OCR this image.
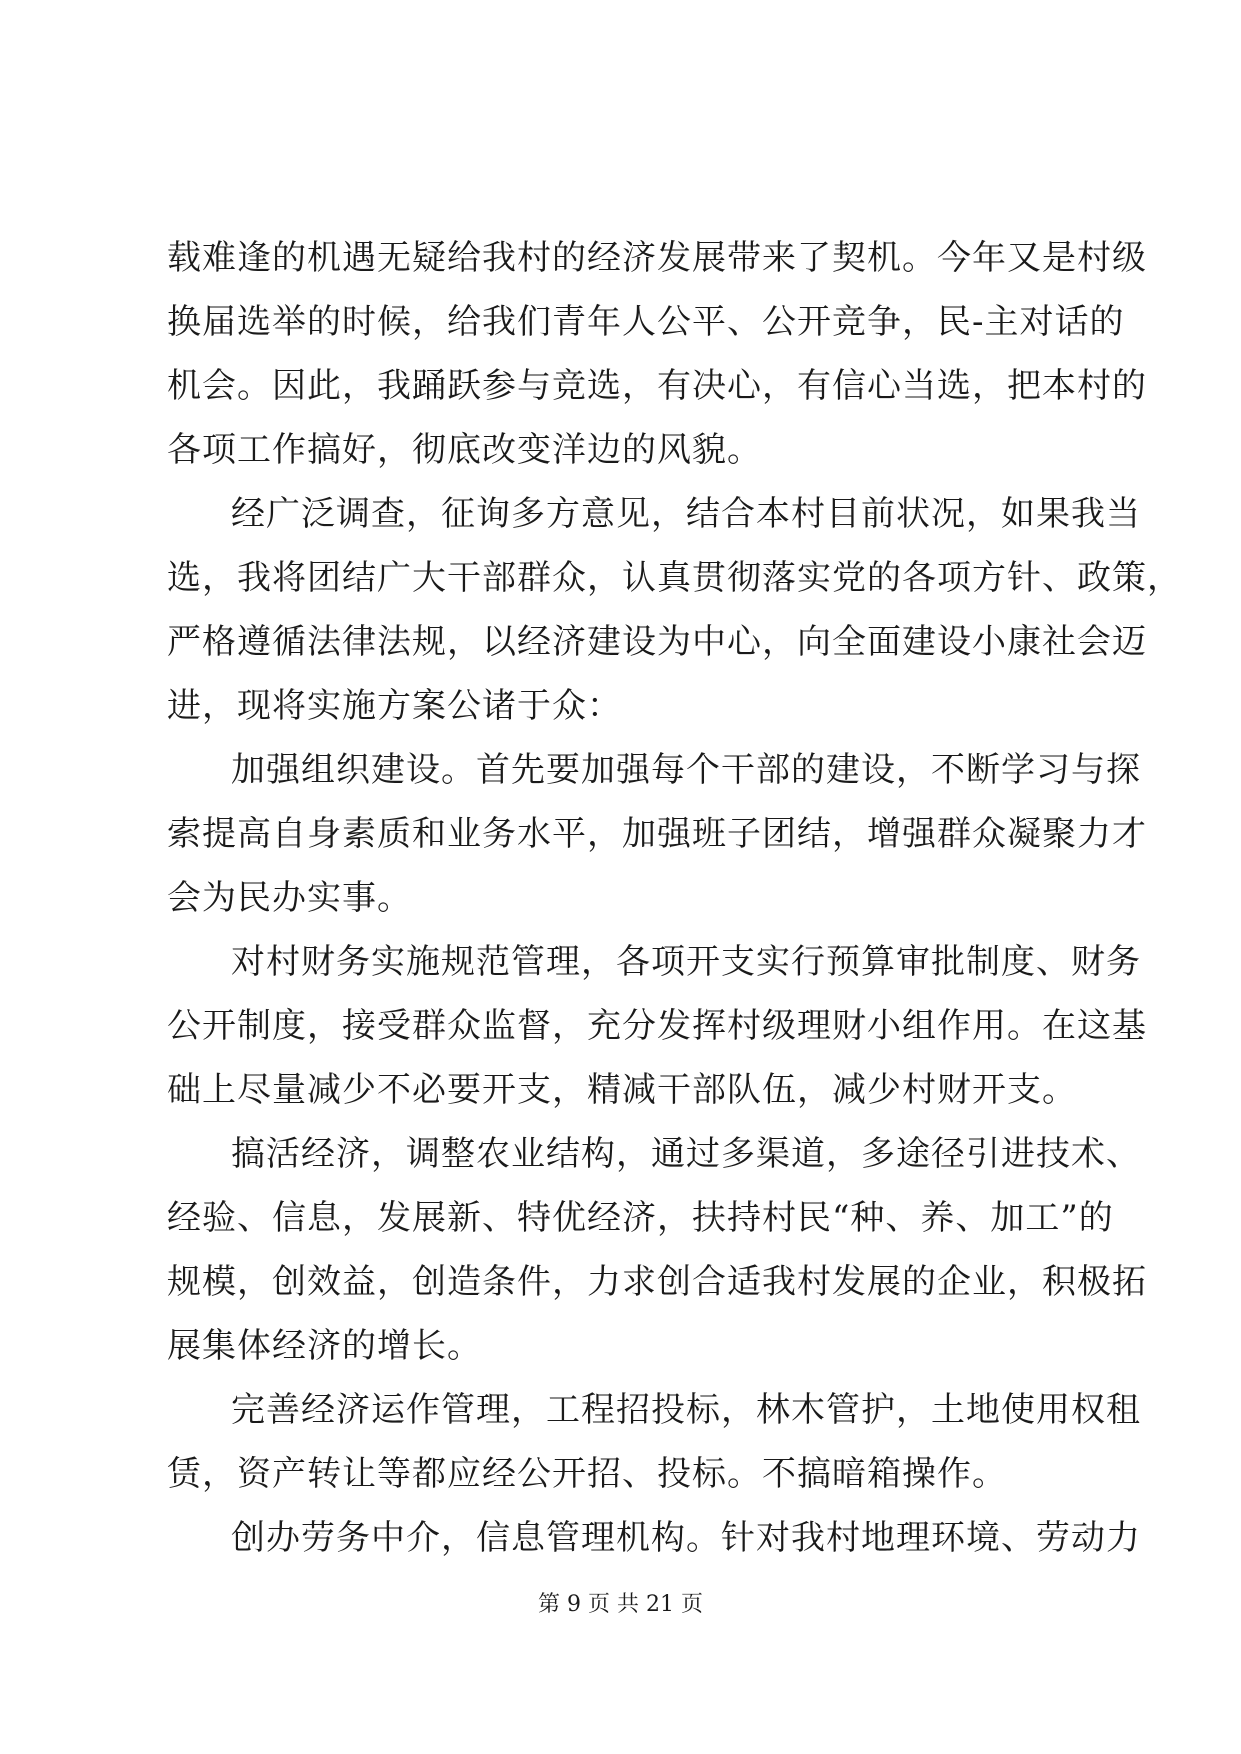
载难逢的机遇无疑给我村的经济发展带来了契机。今年又是村级
换届选举的时候，给我们青年人公平、公开竞争，民-主对话的
机会。因此，我踊跃参与竞选，有决心，有信心当选，把本村的
各项工作搞好，彻底改变洋边的风貌。
经广泛调查，征询多方意见，结合本村目前状况，如果我当
选，我将团结广大干部群众，认真贯彻落实党的各项方针、政策，
严格遵循法律法规，以经济建设为中心，向全面建设小康社会迈
进，现将实施方案公诸于众：
加强组织建设。首先要加强每个干部的建设，不断学习与探
索提高自身素质和业务水平，加强班子团结，增强群众凝聚力才
会为民办实事。
对村财务实施规范管理，各项开支实行预算审批制度、财务
公开制度，接受群众监督，充分发挥村级理财小组作用。在这基
础上尽量减少不必要开支，精减干部队伍，减少村财开支。
搞活经济，调整农业结构，通过多渠道，多途径引进技术、
经验、信息，发展新、特优经济，扶持村民“种、养、加工”的
规模，创效益，创造条件，力求创合适我村发展的企业，积极拓
展集体经济的增长。
完善经济运作管理，工程招投标，林木管护，土地使用权租
赁，资产转让等都应经公开招、投标。不搞暗箱操作。
创办劳务中介，信息管理机构。针对我村地理环境、劳动力
第 9 页 共 21 页
